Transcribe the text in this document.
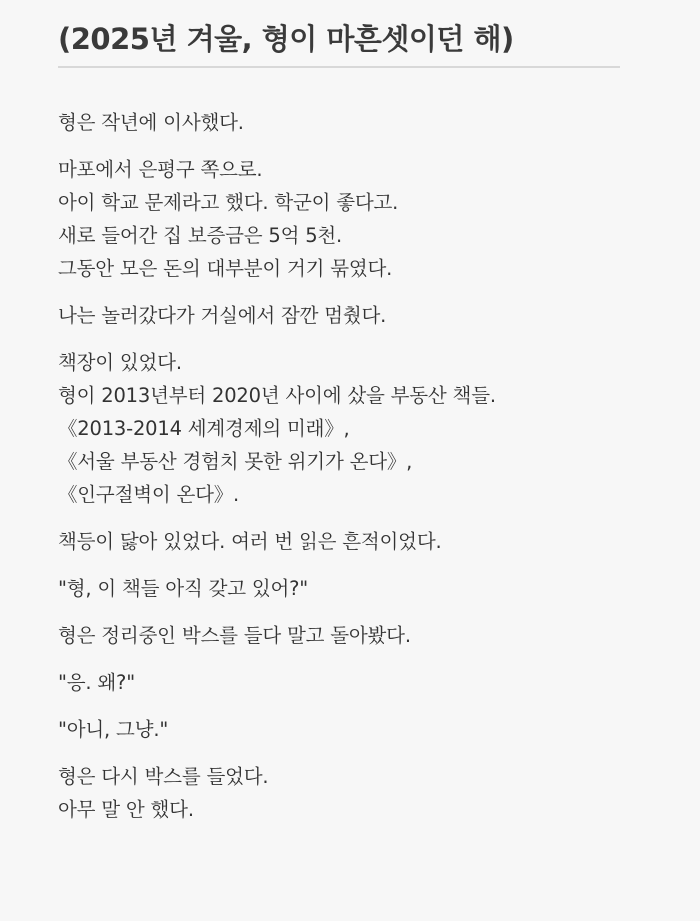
(2025년 겨울, 형이 마흔셋이던 해)
형은 작년에 이사했다.
마포에서 은평구 쪽으로.
아이 학교 문제라고 했다. 학군이 좋다고.
새로 들어간 집 보증금은 5억 5천.
그동안 모은 돈의 대부분이 거기 묶였다.
나는 놀러갔다가 거실에서 잠깐 멈췄다.
책장이 있었다.
형이 2013년부터 2020년 사이에 샀을 부동산 책들.
《2013-2014 세계경제의 미래》,
《서울 부동산 경험치 못한 위기가 온다》,
《인구절벽이 온다》.
책등이 닳아 있었다. 여러 번 읽은 흔적이었다.
"형, 이 책들 아직 갖고 있어?"
형은 정리중인 박스를 들다 말고 돌아봤다.
"응. 왜?"
"아니, 그냥."
형은 다시 박스를 들었다.
아무 말 안 했다.
